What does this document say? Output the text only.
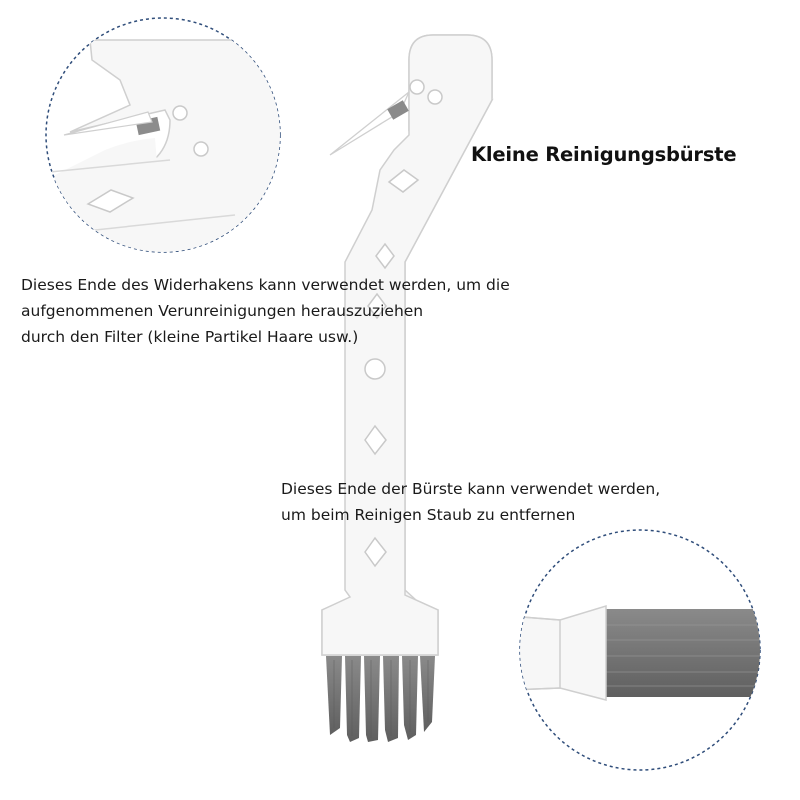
Kleine Reinigungsbürste
Dieses Ende des Widerhakens kann verwendet werden, um die
aufgenommenen Verunreinigungen herauszuziehen
durch den Filter (kleine Partikel Haare usw.)
Dieses Ende der Bürste kann verwendet werden,
um beim Reinigen Staub zu entfernen
